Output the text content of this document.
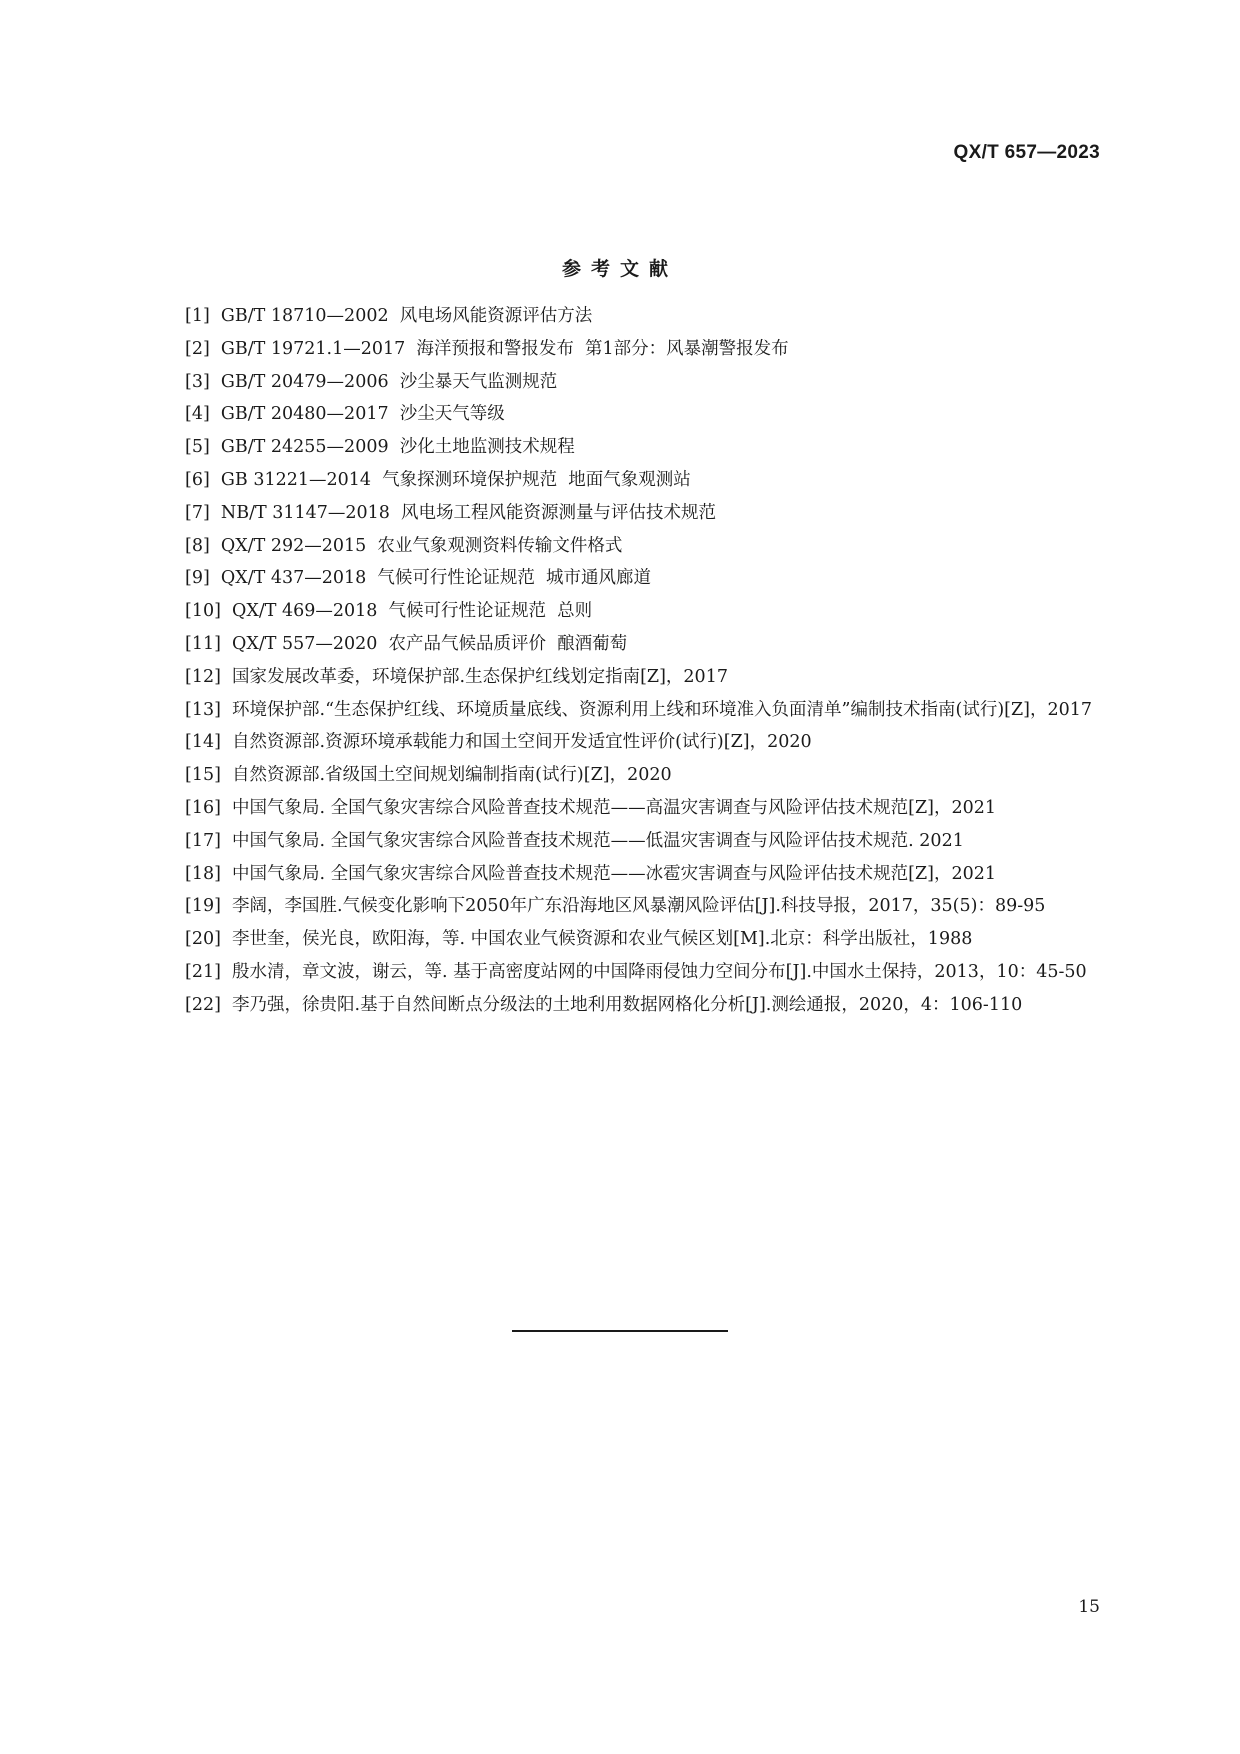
QX/T 657—2023
参考文献

[1]  GB/T 18710—2002  风电场风能资源评估方法

[2]  GB/T 19721.1—2017  海洋预报和警报发布  第1部分：风暴潮警报发布

[3]  GB/T 20479—2006  沙尘暴天气监测规范

[4]  GB/T 20480—2017  沙尘天气等级

[5]  GB/T 24255—2009  沙化土地监测技术规程

[6]  GB 31221—2014  气象探测环境保护规范  地面气象观测站

[7]  NB/T 31147—2018  风电场工程风能资源测量与评估技术规范

[8]  QX/T 292—2015  农业气象观测资料传输文件格式

[9]  QX/T 437—2018  气候可行性论证规范  城市通风廊道

[10]  QX/T 469—2018  气候可行性论证规范  总则

[11]  QX/T 557—2020  农产品气候品质评价  酿酒葡萄

[12]  国家发展改革委，环境保护部.生态保护红线划定指南[Z]，2017

[13]  环境保护部.“生态保护红线、环境质量底线、资源利用上线和环境准入负面清单”编制技术指南(试行)[Z]，2017

[14]  自然资源部.资源环境承载能力和国土空间开发适宜性评价(试行)[Z]，2020

[15]  自然资源部.省级国土空间规划编制指南(试行)[Z]，2020

[16]  中国气象局. 全国气象灾害综合风险普查技术规范——高温灾害调查与风险评估技术规范[Z]，2021

[17]  中国气象局. 全国气象灾害综合风险普查技术规范——低温灾害调查与风险评估技术规范. 2021

[18]  中国气象局. 全国气象灾害综合风险普查技术规范——冰雹灾害调查与风险评估技术规范[Z]，2021

[19]  李阔，李国胜.气候变化影响下2050年广东沿海地区风暴潮风险评估[J].科技导报，2017，35(5)：89-95

[20]  李世奎，侯光良，欧阳海，等. 中国农业气候资源和农业气候区划[M].北京：科学出版社，1988

[21]  殷水清，章文波，谢云，等. 基于高密度站网的中国降雨侵蚀力空间分布[J].中国水土保持，2013，10：45-50

[22]  李乃强，徐贵阳.基于自然间断点分级法的土地利用数据网格化分析[J].测绘通报，2020，4：106-110

15
